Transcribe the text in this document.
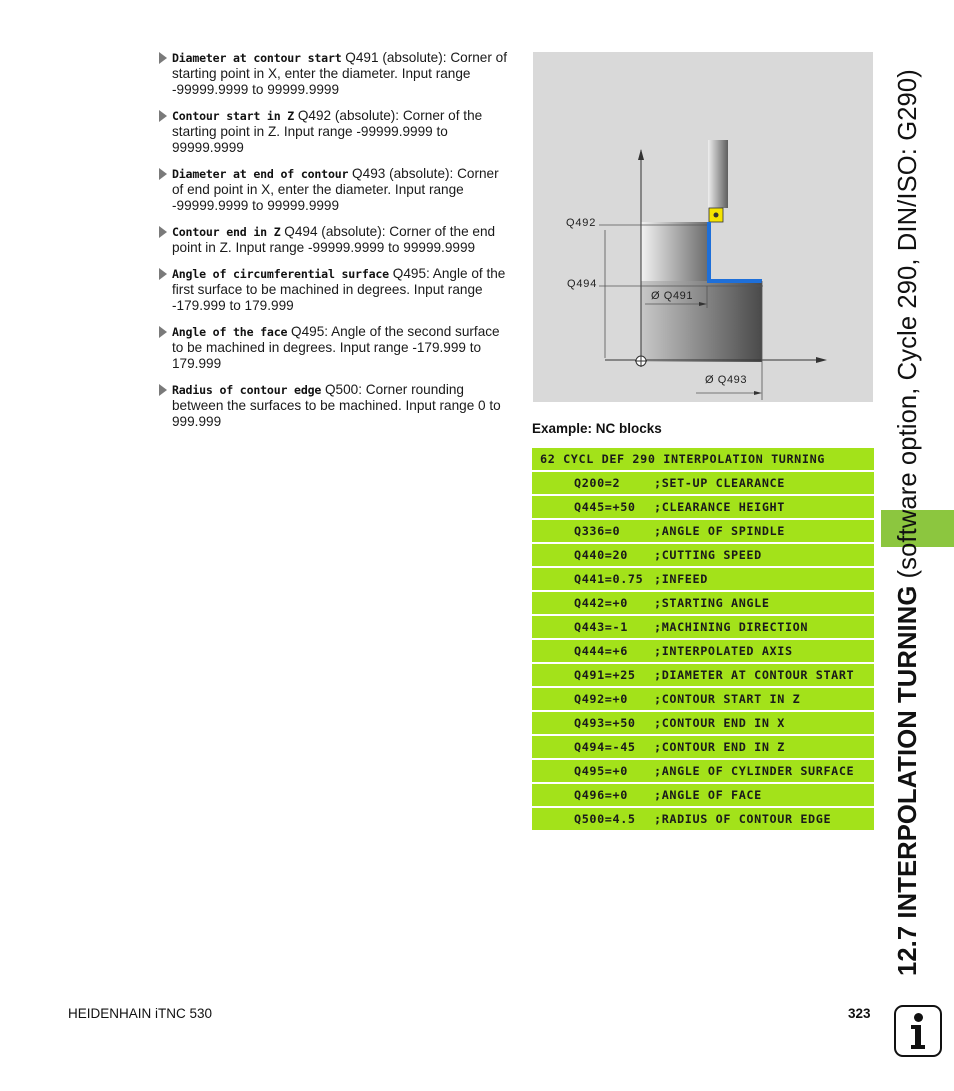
Diameter at contour start Q491 (absolute): Corner of starting point in X, enter the diameter. Input range -99999.9999 to 99999.9999
Contour start in Z Q492 (absolute): Corner of the starting point in Z. Input range -99999.9999 to 99999.9999
Diameter at end of contour Q493 (absolute): Corner of end point in X, enter the diameter. Input range -99999.9999 to 99999.9999
Contour end in Z Q494 (absolute): Corner of the end point in Z. Input range -99999.9999 to 99999.9999
Angle of circumferential surface Q495: Angle of the first surface to be machined in degrees. Input range -179.999 to 179.999
Angle of the face Q495: Angle of the second surface to be machined in degrees. Input range -179.999 to 179.999
Radius of contour edge Q500: Corner rounding between the surfaces to be machined. Input range 0 to 999.999
Q492
Q494
Ø Q491
Ø Q493
Example: NC blocks
62 CYCL DEF 290 INTERPOLATION TURNING
Q200=2	;SET-UP CLEARANCE
Q445=+50	;CLEARANCE HEIGHT
Q336=0	;ANGLE OF SPINDLE
Q440=20	;CUTTING SPEED
Q441=0.75 ;INFEED
Q442=+0	;STARTING ANGLE
Q443=-1	;MACHINING DIRECTION
Q444=+6	;INTERPOLATED AXIS
Q491=+25	;DIAMETER AT CONTOUR START
Q492=+0	;CONTOUR START IN Z
Q493=+50	;CONTOUR END IN X
Q494=-45	;CONTOUR END IN Z
Q495=+0	;ANGLE OF CYLINDER SURFACE
Q496=+0	;ANGLE OF FACE
Q500=4.5	;RADIUS OF CONTOUR EDGE 12.7 INTERPOLATION TURNING (software option, Cycle 290, DIN/ISO: G290)
HEIDENHAIN iTNC 530	323
